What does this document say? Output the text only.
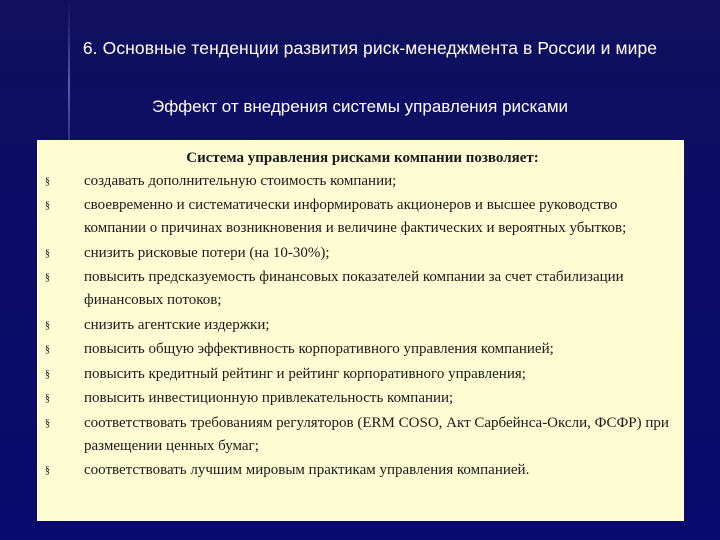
6. Основные тенденции развития риск-менеджмента в России и мире
Эффект от внедрения системы управления рисками
Система управления рисками компании позволяет:
§ создавать дополнительную стоимость компании;
§ своевременно и систематически информировать акционеров и высшее руководство компании о причинах возникновения и величине фактических и вероятных убытков;
§ снизить рисковые потери (на 10-30%);
§ повысить предсказуемость финансовых показателей компании за счет стабилизации финансовых потоков;
§ снизить агентские издержки;
§ повысить общую эффективность корпоративного управления компанией;
§ повысить кредитный рейтинг и рейтинг корпоративного управления;
§ повысить инвестиционную привлекательность компании;
§ соответствовать требованиям регуляторов (ERM COSO, Акт Сарбейнса-Оксли, ФСФР) при размещении ценных бумаг;
§ соответствовать лучшим мировым практикам управления компанией.
